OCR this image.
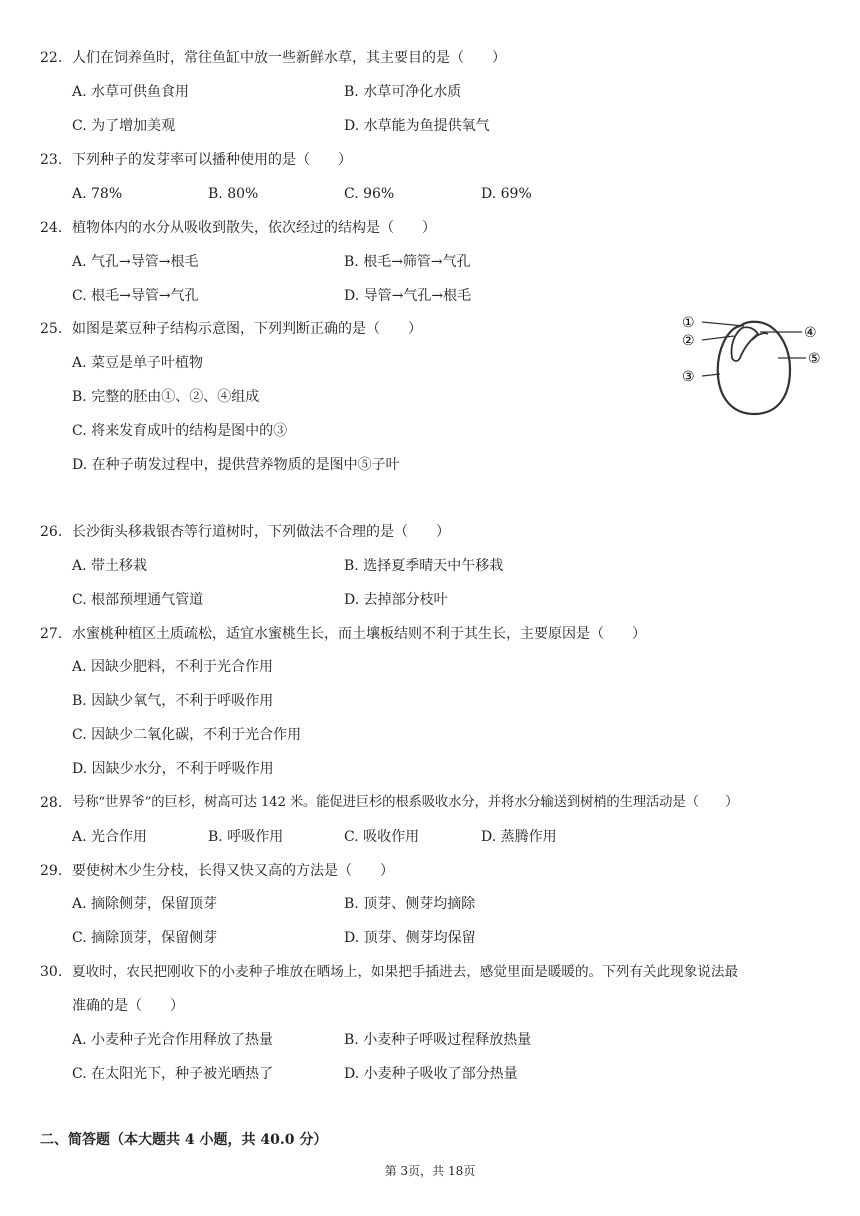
22. 人们在饲养鱼时，常往鱼缸中放一些新鲜水草，其主要目的是（　　）
A. 水草可供鱼食用	B. 水草可净化水质
C. 为了增加美观	D. 水草能为鱼提供氧气
23. 下列种子的发芽率可以播种使用的是（　　）
A. 78%	B. 80%	C. 96%	D. 69%
24. 植物体内的水分从吸收到散失，依次经过的结构是（　　）
A. 气孔→导管→根毛	B. 根毛→筛管→气孔
C. 根毛→导管→气孔	D. 导管→气孔→根毛
25. 如图是菜豆种子结构示意图，下列判断正确的是（　　）
A. 菜豆是单子叶植物
B. 完整的胚由①、②、④组成
C. 将来发育成叶的结构是图中的③
D. 在种子萌发过程中，提供营养物质的是图中⑤子叶
①
②
③
④
⑤
26. 长沙街头移栽银杏等行道树时，下列做法不合理的是（　　）
A. 带土移栽	B. 选择夏季晴天中午移栽
C. 根部预埋通气管道	D. 去掉部分枝叶
27. 水蜜桃种植区土质疏松，适宜水蜜桃生长，而土壤板结则不利于其生长，主要原因是（　　）
A. 因缺少肥料，不利于光合作用
B. 因缺少氧气，不利于呼吸作用
C. 因缺少二氧化碳，不利于光合作用
D. 因缺少水分，不利于呼吸作用
28. 号称“世界爷”的巨杉，树高可达 142 米。能促进巨杉的根系吸收水分，并将水分输送到树梢的生理活动是（　　）
A. 光合作用	B. 呼吸作用	C. 吸收作用	D. 蒸腾作用
29. 要使树木少生分枝，长得又快又高的方法是（　　）
A. 摘除侧芽，保留顶芽	B. 顶芽、侧芽均摘除
C. 摘除顶芽，保留侧芽	D. 顶芽、侧芽均保留
30. 夏收时，农民把刚收下的小麦种子堆放在晒场上，如果把手插进去，感觉里面是暖暖的。下列有关此现象说法最
准确的是（　　）
A. 小麦种子光合作用释放了热量	B. 小麦种子呼吸过程释放热量
C. 在太阳光下，种子被光晒热了	D. 小麦种子吸收了部分热量
二、简答题（本大题共 4 小题，共 40.0 分）
第 3页，共 18页
